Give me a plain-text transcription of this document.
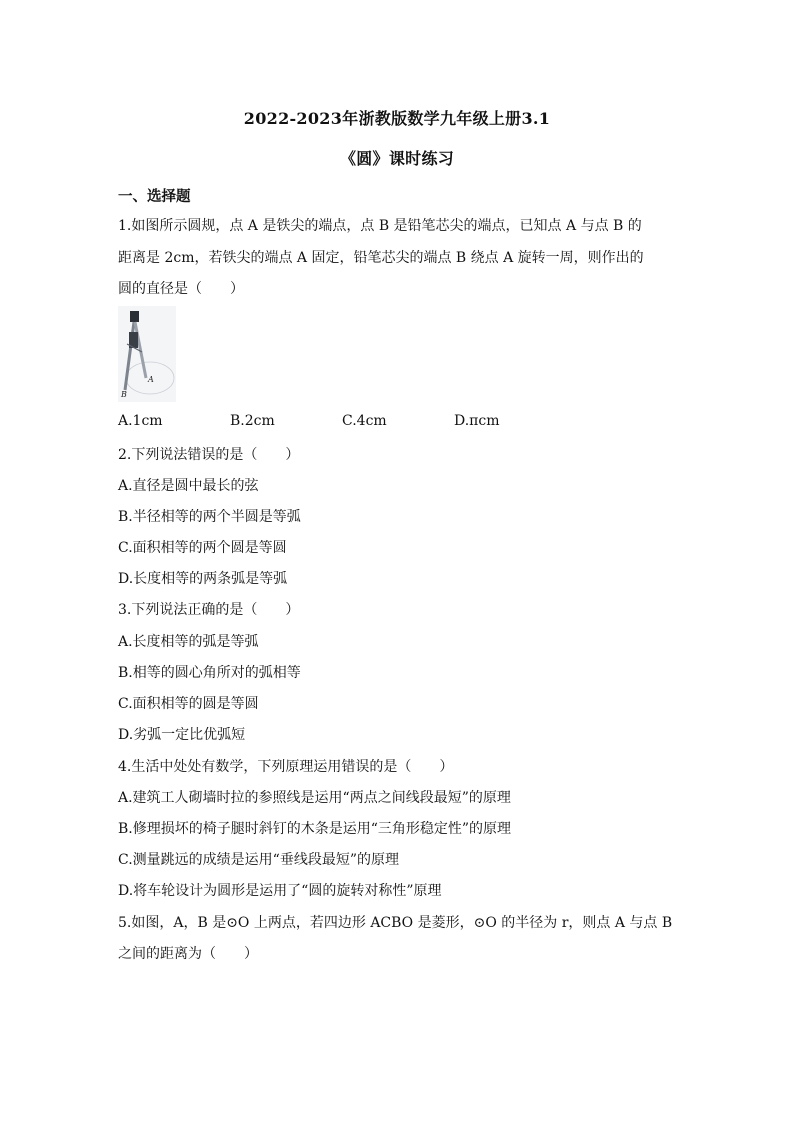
2022-2023年浙教版数学九年级上册3.1
《圆》课时练习
一、选择题
1.如图所示圆规，点 A 是铁尖的端点，点 B 是铅笔芯尖的端点，已知点 A 与点 B 的
距离是 2cm，若铁尖的端点 A 固定，铅笔芯尖的端点 B 绕点 A 旋转一周，则作出的
圆的直径是（　　）
A
B
A.1cm	B.2cm	C.4cm	D.πcm
2.下列说法错误的是（　　）
A.直径是圆中最长的弦
B.半径相等的两个半圆是等弧
C.面积相等的两个圆是等圆
D.长度相等的两条弧是等弧
3.下列说法正确的是（　　）
A.长度相等的弧是等弧
B.相等的圆心角所对的弧相等
C.面积相等的圆是等圆
D.劣弧一定比优弧短
4.生活中处处有数学，下列原理运用错误的是（　　）
A.建筑工人砌墙时拉的参照线是运用“两点之间线段最短”的原理
B.修理损坏的椅子腿时斜钉的木条是运用“三角形稳定性”的原理
C.测量跳远的成绩是运用“垂线段最短”的原理
D.将车轮设计为圆形是运用了“圆的旋转对称性”原理
5.如图，A，B 是⊙O 上两点，若四边形 ACBO 是菱形，⊙O 的半径为 r，则点 A 与点 B
之间的距离为（　　）
